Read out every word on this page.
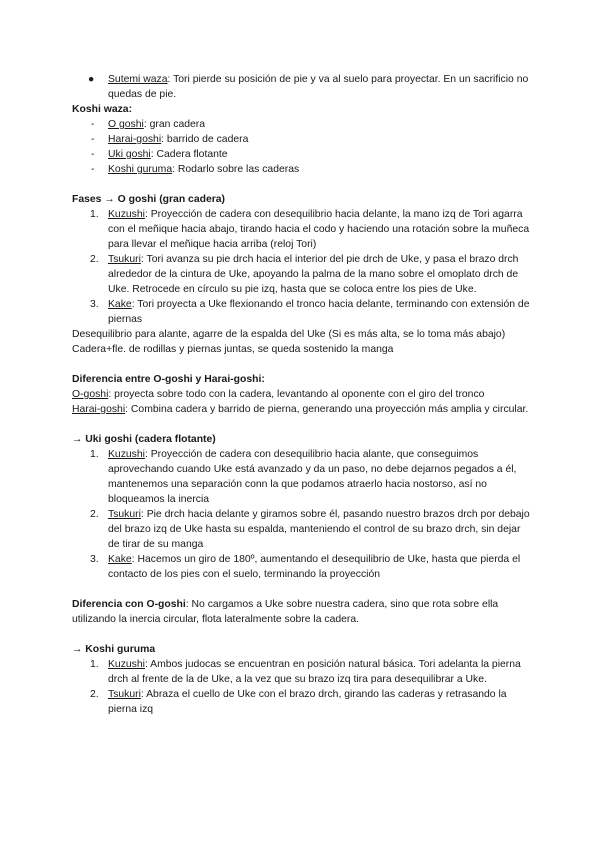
● Sutemi waza: Tori pierde su posición de pie y va al suelo para proyectar. En un sacrificio no quedas de pie.

Koshi waza:

- O goshi: gran cadera
- Harai-goshi: barrido de cadera
- Uki goshi: Cadera flotante
- Koshi guruma: Rodarlo sobre las caderas

Fases → O goshi (gran cadera)

1. Kuzushi: Proyección de cadera con desequilibrio hacia delante, la mano izq de Tori agarra con el meñique hacia abajo, tirando hacia el codo y haciendo una rotación sobre la muñeca para llevar el meñique hacia arriba (reloj Tori)
2. Tsukuri: Tori avanza su pie drch hacia el interior del pie drch de Uke, y pasa el brazo drch alrededor de la cintura de Uke, apoyando la palma de la mano sobre el omoplato drch de Uke. Retrocede en círculo su pie izq, hasta que se coloca entre los pies de Uke.
3. Kake: Tori proyecta a Uke flexionando el tronco hacia delante, terminando con extensión de piernas

Desequilibrio para alante, agarre de la espalda del Uke (Si es más alta, se lo toma más abajo)

Cadera+fle. de rodillas y piernas juntas, se queda sostenido la manga

Diferencia entre O-goshi y Harai-goshi:

O-goshi: proyecta sobre todo con la cadera, levantando al oponente con el giro del tronco

Harai-goshi: Combina cadera y barrido de pierna, generando una proyección más amplia y circular.

→ Uki goshi (cadera flotante)

1. Kuzushi: Proyección de cadera con desequilibrio hacia alante, que conseguimos aprovechando cuando Uke está avanzado y da un paso, no debe dejarnos pegados a él, mantenemos una separación conn la que podamos atraerlo hacia nostorso, así no bloqueamos la inercia
2. Tsukuri: Pie drch hacia delante y giramos sobre él, pasando nuestro brazos drch por debajo del brazo izq de Uke hasta su espalda, manteniendo el control de su brazo drch, sin dejar de tirar de su manga
3. Kake: Hacemos un giro de 180º, aumentando el desequilibrio de Uke, hasta que pierda el contacto de los pies con el suelo, terminando la proyección

Diferencia con O-goshi: No cargamos a Uke sobre nuestra cadera, sino que rota sobre ella utilizando la inercia circular, flota lateralmente sobre la cadera.

→ Koshi guruma

1. Kuzushi: Ambos judocas se encuentran en posición natural básica. Tori adelanta la pierna drch al frente de la de Uke, a la vez que su brazo izq tira para desequilibrar a Uke.
2. Tsukuri: Abraza el cuello de Uke con el brazo drch, girando las caderas y retrasando la pierna izq
